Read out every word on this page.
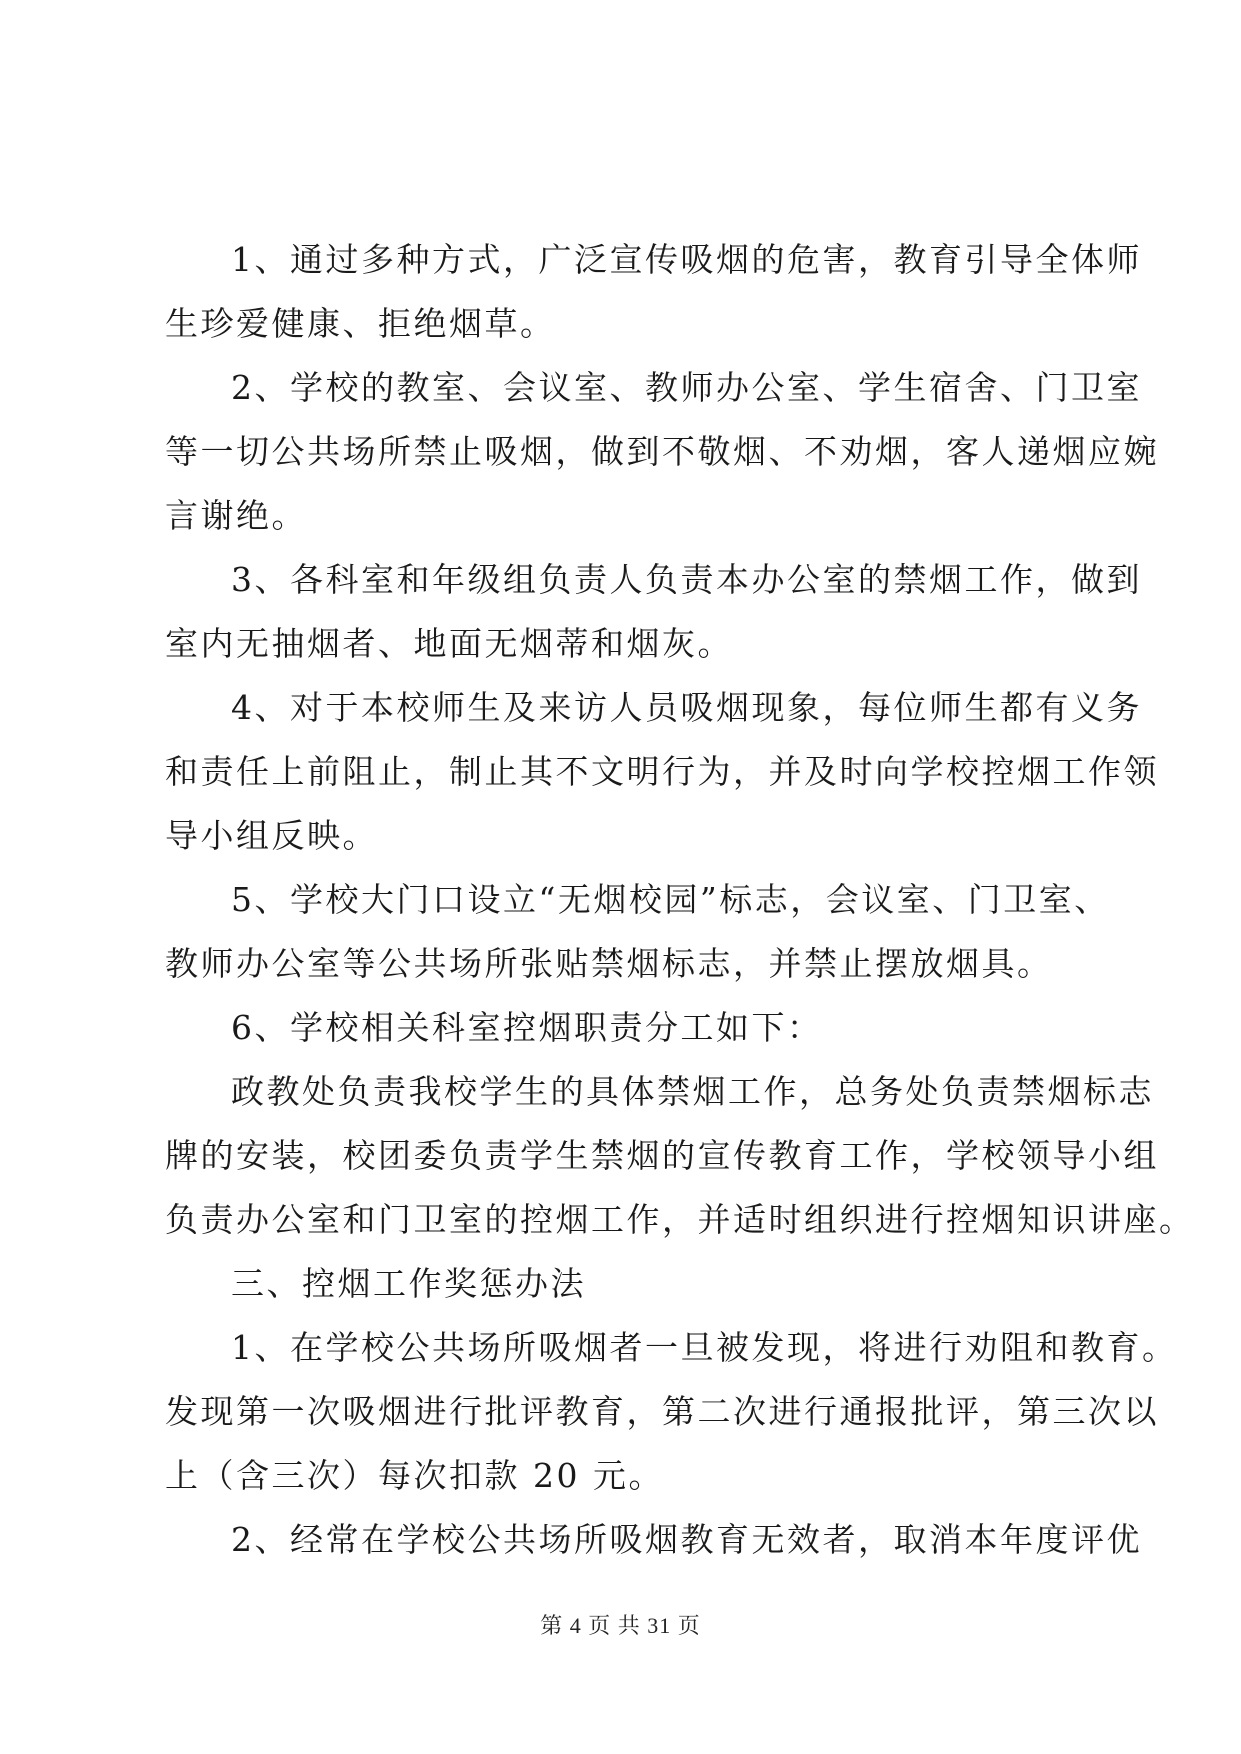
1、通过多种方式，广泛宣传吸烟的危害，教育引导全体师
生珍爱健康、拒绝烟草。
2、学校的教室、会议室、教师办公室、学生宿舍、门卫室
等一切公共场所禁止吸烟，做到不敬烟、不劝烟，客人递烟应婉
言谢绝。
3、各科室和年级组负责人负责本办公室的禁烟工作，做到
室内无抽烟者、地面无烟蒂和烟灰。
4、对于本校师生及来访人员吸烟现象，每位师生都有义务
和责任上前阻止，制止其不文明行为，并及时向学校控烟工作领
导小组反映。
5、学校大门口设立“无烟校园”标志，会议室、门卫室、
教师办公室等公共场所张贴禁烟标志，并禁止摆放烟具。
6、学校相关科室控烟职责分工如下：
政教处负责我校学生的具体禁烟工作，总务处负责禁烟标志
牌的安装，校团委负责学生禁烟的宣传教育工作，学校领导小组
负责办公室和门卫室的控烟工作，并适时组织进行控烟知识讲座。
三、控烟工作奖惩办法
1、在学校公共场所吸烟者一旦被发现，将进行劝阻和教育。
发现第一次吸烟进行批评教育，第二次进行通报批评，第三次以
上（含三次）每次扣款 20 元。
2、经常在学校公共场所吸烟教育无效者，取消本年度评优
第 4 页 共 31 页
